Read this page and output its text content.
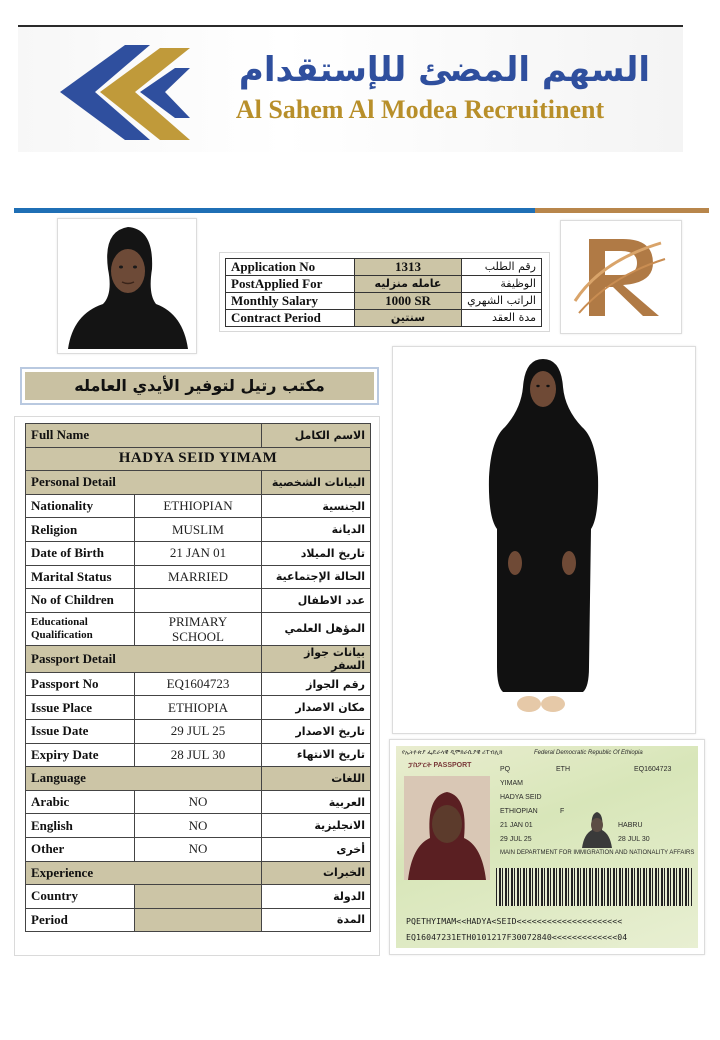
السهم المضئ للإستقدام
Al Sahem Al Modea Recruitinent
Application No	1313	رقم الطلب
PostApplied For	عامله منزليه	الوظيفة
Monthly Salary	1000 SR	الراتب الشهري
Contract Period	سنتين	مدة العقد
مكتب رتيل لتوفير الأيدي العامله
Full Name		الاسم الكامل
HADYA SEID YIMAM		
Personal Detail		البيانات الشخصية
Nationality	ETHIOPIAN	الجنسية
Religion	MUSLIM	الديانة
Date of Birth	21 JAN 01	تاريخ الميلاد
Marital Status	MARRIED	الحالة الإجتماعية
No of Children		عدد الاطفال
Educational
Qualification	PRIMARY
SCHOOL	المؤهل العلمي
Passport Detail		بيانات جواز السفر
Passport No	EQ1604723	رقم الجواز
Issue Place	ETHIOPIA	مكان الاصدار
Issue Date	29 JUL 25	تاريخ الاصدار
Expiry Date	28 JUL 30	تاريخ الانتهاء
Language		اللغات
Arabic	NO	العربية
English	NO	الانجليزية
Other	NO	أخرى
Experience		الخبرات
Country		الدولة
Period		المدة
የኢትዮጵያ ፌዴራላዊ ዲሞክራሲያዊ ሪፐብሊክ	Federal Democratic Republic Of Ethiopia
ፓስፖርት PASSPORT
PQ	ETH	EQ1604723
YIMAM
HADYA SEID
ETHIOPIAN	F
21 JAN 01	HABRU
29 JUL 25	28 JUL 30
MAIN DEPARTMENT FOR IMMIGRATION AND NATIONALITY AFFAIRS
PQETHYIMAM<<HADYA<SEID<<<<<<<<<<<<<<<<<<<<<
EQ16047231ETH0101217F30072840<<<<<<<<<<<<<04
